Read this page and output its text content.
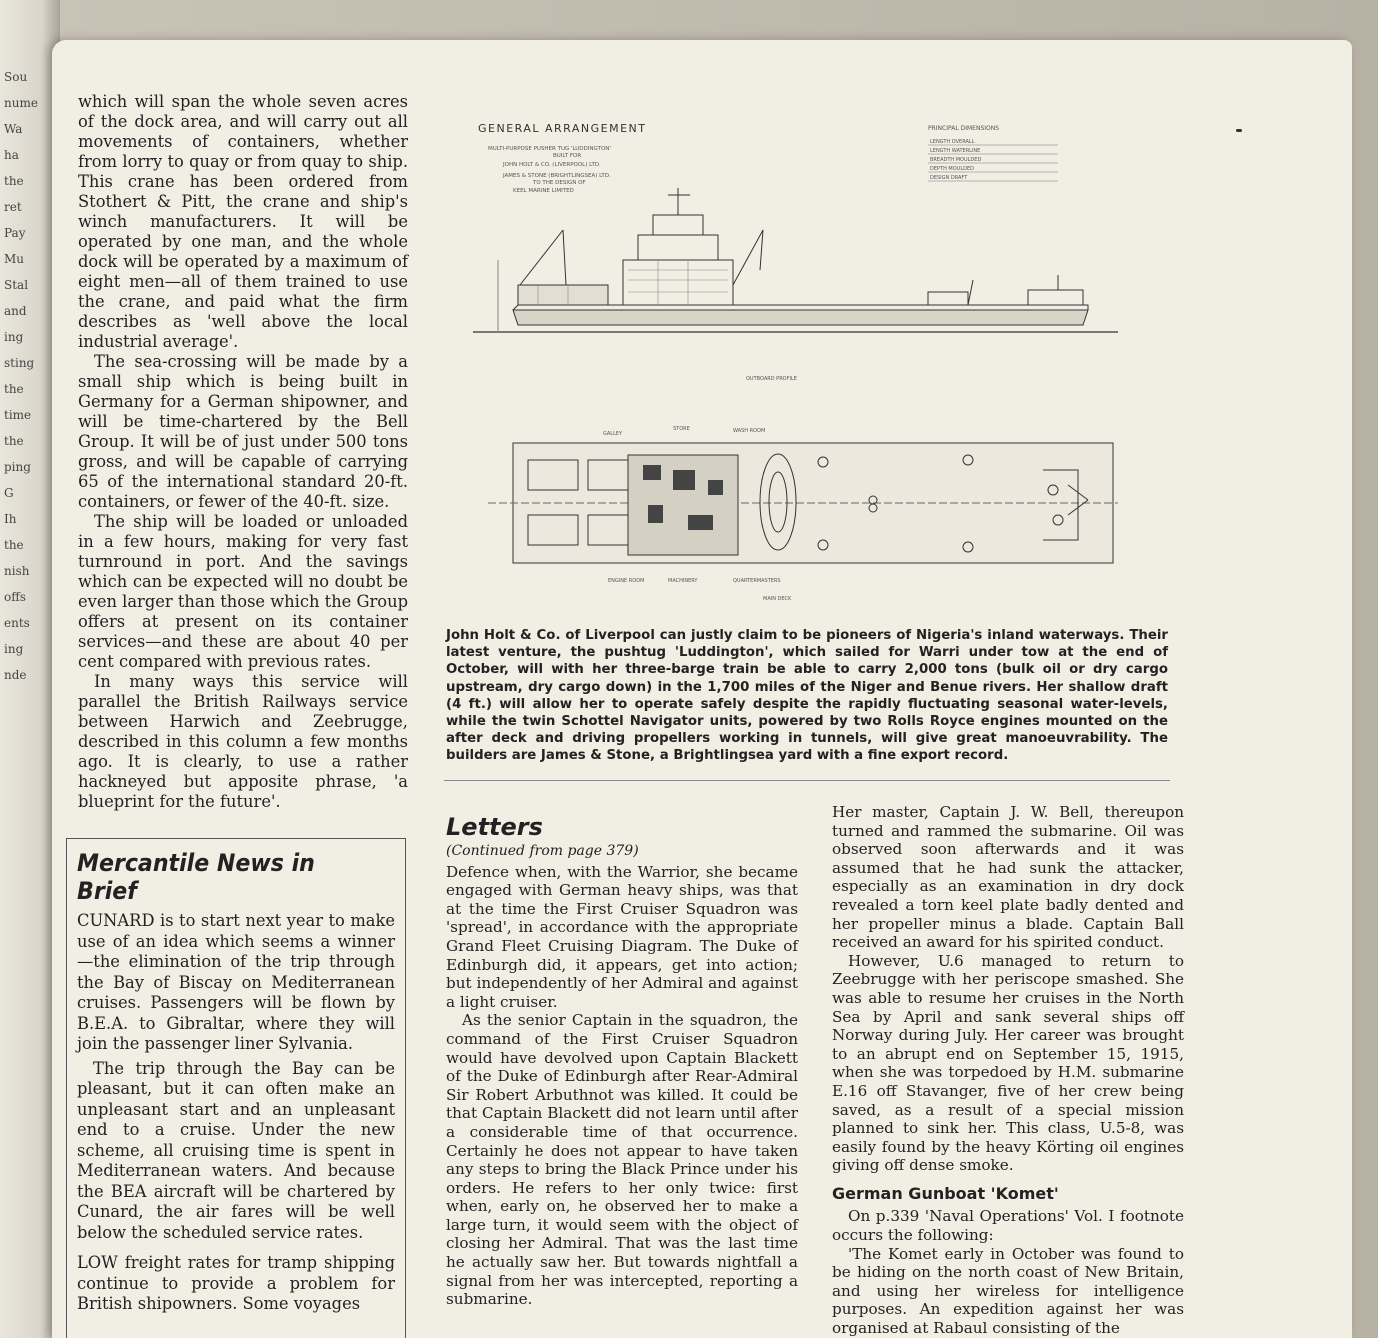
Sou
nume
Wa
ha
the
ret
Pay
Mu
Stal
and
ing
sting
the
time
the
ping
G
Ih
the
nish
offs
ents
ing
nde

which will span the whole seven acres of the dock area, and will carry out all movements of containers, whether from lorry to quay or from quay to ship. This crane has been ordered from Stothert & Pitt, the crane and ship's winch manufacturers. It will be operated by one man, and the whole dock will be operated by a maximum of eight men—all of them trained to use the crane, and paid what the firm describes as 'well above the local industrial average'.

The sea-crossing will be made by a small ship which is being built in Germany for a German shipowner, and will be time-chartered by the Bell Group. It will be of just under 500 tons gross, and will be capable of carrying 65 of the international standard 20-ft. containers, or fewer of the 40-ft. size.

The ship will be loaded or unloaded in a few hours, making for very fast turnround in port. And the savings which can be expected will no doubt be even larger than those which the Group offers at present on its container services—and these are about 40 per cent compared with previous rates.

In many ways this service will parallel the British Railways service between Harwich and Zeebrugge, described in this column a few months ago. It is clearly, to use a rather hackneyed but apposite phrase, 'a blueprint for the future'.

Mercantile News in Brief

CUNARD is to start next year to make use of an idea which seems a winner—the elimination of the trip through the Bay of Biscay on Mediterranean cruises. Passengers will be flown by B.E.A. to Gibraltar, where they will join the passenger liner Sylvania.

The trip through the Bay can be pleasant, but it can often make an unpleasant start and an unpleasant end to a cruise. Under the new scheme, all cruising time is spent in Mediterranean waters. And because the BEA aircraft will be chartered by Cunard, the air fares will be well below the scheduled service rates.

LOW freight rates for tramp shipping continue to provide a problem for British shipowners. Some voyages

GENERAL ARRANGEMENT
MULTI-PURPOSE PUSHER TUG 'LUDDINGTON'
BUILT FOR
JOHN HOLT & CO. (LIVERPOOL) LTD.
JAMES & STONE (BRIGHTLINGSEA) LTD.
TO THE DESIGN OF
KEEL MARINE LIMITED
PRINCIPAL DIMENSIONS
LENGTH OVERALL
LENGTH WATERLINE
BREADTH MOULDED
DEPTH MOULDED
DESIGN DRAFT
OUTBOARD PROFILE
GALLEY
STORE	WASH ROOM
ENGINE ROOM	MACHINERY	QUARTERMASTERS
MAIN DECK
John Holt & Co. of Liverpool can justly claim to be pioneers of Nigeria's inland waterways. Their latest venture, the pushtug 'Luddington', which sailed for Warri under tow at the end of October, will with her three-barge train be able to carry 2,000 tons (bulk oil or dry cargo upstream, dry cargo down) in the 1,700 miles of the Niger and Benue rivers. Her shallow draft (4 ft.) will allow her to operate safely despite the rapidly fluctuating seasonal water-levels, while the twin Schottel Navigator units, powered by two Rolls Royce engines mounted on the after deck and driving propellers working in tunnels, will give great manoeuvrability. The builders are James & Stone, a Brightlingsea yard with a fine export record.
Letters

(Continued from page 379)

Defence when, with the Warrior, she became engaged with German heavy ships, was that at the time the First Cruiser Squadron was 'spread', in accordance with the appropriate Grand Fleet Cruising Diagram. The Duke of Edinburgh did, it appears, get into action; but independently of her Admiral and against a light cruiser.

As the senior Captain in the squadron, the command of the First Cruiser Squadron would have devolved upon Captain Blackett of the Duke of Edinburgh after Rear-Admiral Sir Robert Arbuthnot was killed. It could be that Captain Blackett did not learn until after a considerable time of that occurrence. Certainly he does not appear to have taken any steps to bring the Black Prince under his orders. He refers to her only twice: first when, early on, he observed her to make a large turn, it would seem with the object of closing her Admiral. That was the last time he actually saw her. But towards nightfall a signal from her was intercepted, reporting a submarine.

Her master, Captain J. W. Bell, thereupon turned and rammed the submarine. Oil was observed soon afterwards and it was assumed that he had sunk the attacker, especially as an examination in dry dock revealed a torn keel plate badly dented and her propeller minus a blade. Captain Ball received an award for his spirited conduct.

However, U.6 managed to return to Zeebrugge with her periscope smashed. She was able to resume her cruises in the North Sea by April and sank several ships off Norway during July. Her career was brought to an abrupt end on September 15, 1915, when she was torpedoed by H.M. submarine E.16 off Stavanger, five of her crew being saved, as a result of a special mission planned to sink her. This class, U.5-8, was easily found by the heavy Körting oil engines giving off dense smoke.

German Gunboat 'Komet'

On p.339 'Naval Operations' Vol. I footnote occurs the following:

'The Komet early in October was found to be hiding on the north coast of New Britain, and using her wireless for intelligence purposes. An expedition against her was organised at Rabaul consisting of the
